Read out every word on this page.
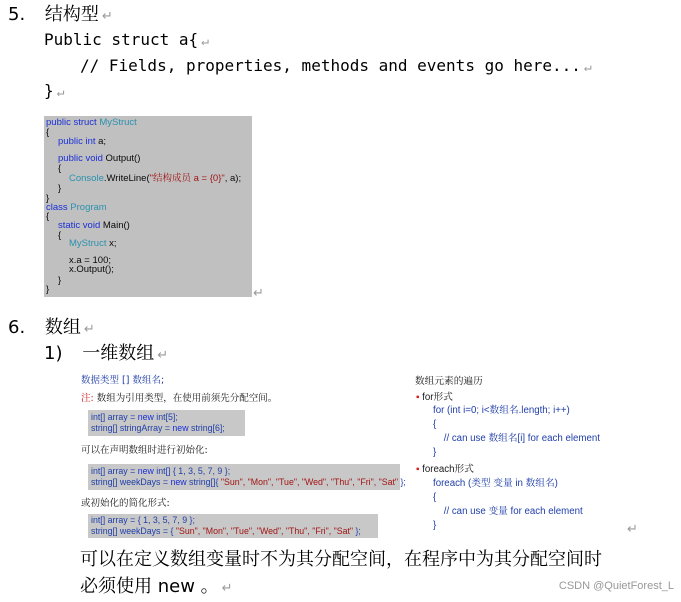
5. 结构型 ↵
Public struct a{ ↵
// Fields, properties, methods and events go here... ↵
} ↵
public struct MyStruct
{
public int a;
public void Output()
{
Console.WriteLine("结构成员 a = {0}", a);
}
}
class Program
{
static void Main()
{
MyStruct x;
x.a = 100;
x.Output();
}
}	↵
6. 数组 ↵
1) 一维数组 ↵
数据类型 [] 数组名;
注: 数组为引用类型，在使用前须先分配空间。
int[] array = new int[5];
string[] stringArray = new string[6];
可以在声明数组时进行初始化:
int[] array = new int[] { 1, 3, 5, 7, 9 };
string[] weekDays = new string[]{ "Sun", "Mon", "Tue", "Wed", "Thu", "Fri", "Sat" };
或初始化的简化形式:
int[] array = { 1, 3, 5, 7, 9 };
string[] weekDays = { "Sun", "Mon", "Tue", "Wed", "Thu", "Fri", "Sat" };
数组元素的遍历
▪ for形式
for (int i=0; i<数组名.length; i++)
{
// can use 数组名[i] for each element
}
▪ foreach形式
foreach (类型 变量 in 数组名)
{
// can use 变量 for each element
}	↵
可以在定义数组变量时不为其分配空间，在程序中为其分配空间时
必须使用 new 。 ↵	CSDN @QuietForest_L
